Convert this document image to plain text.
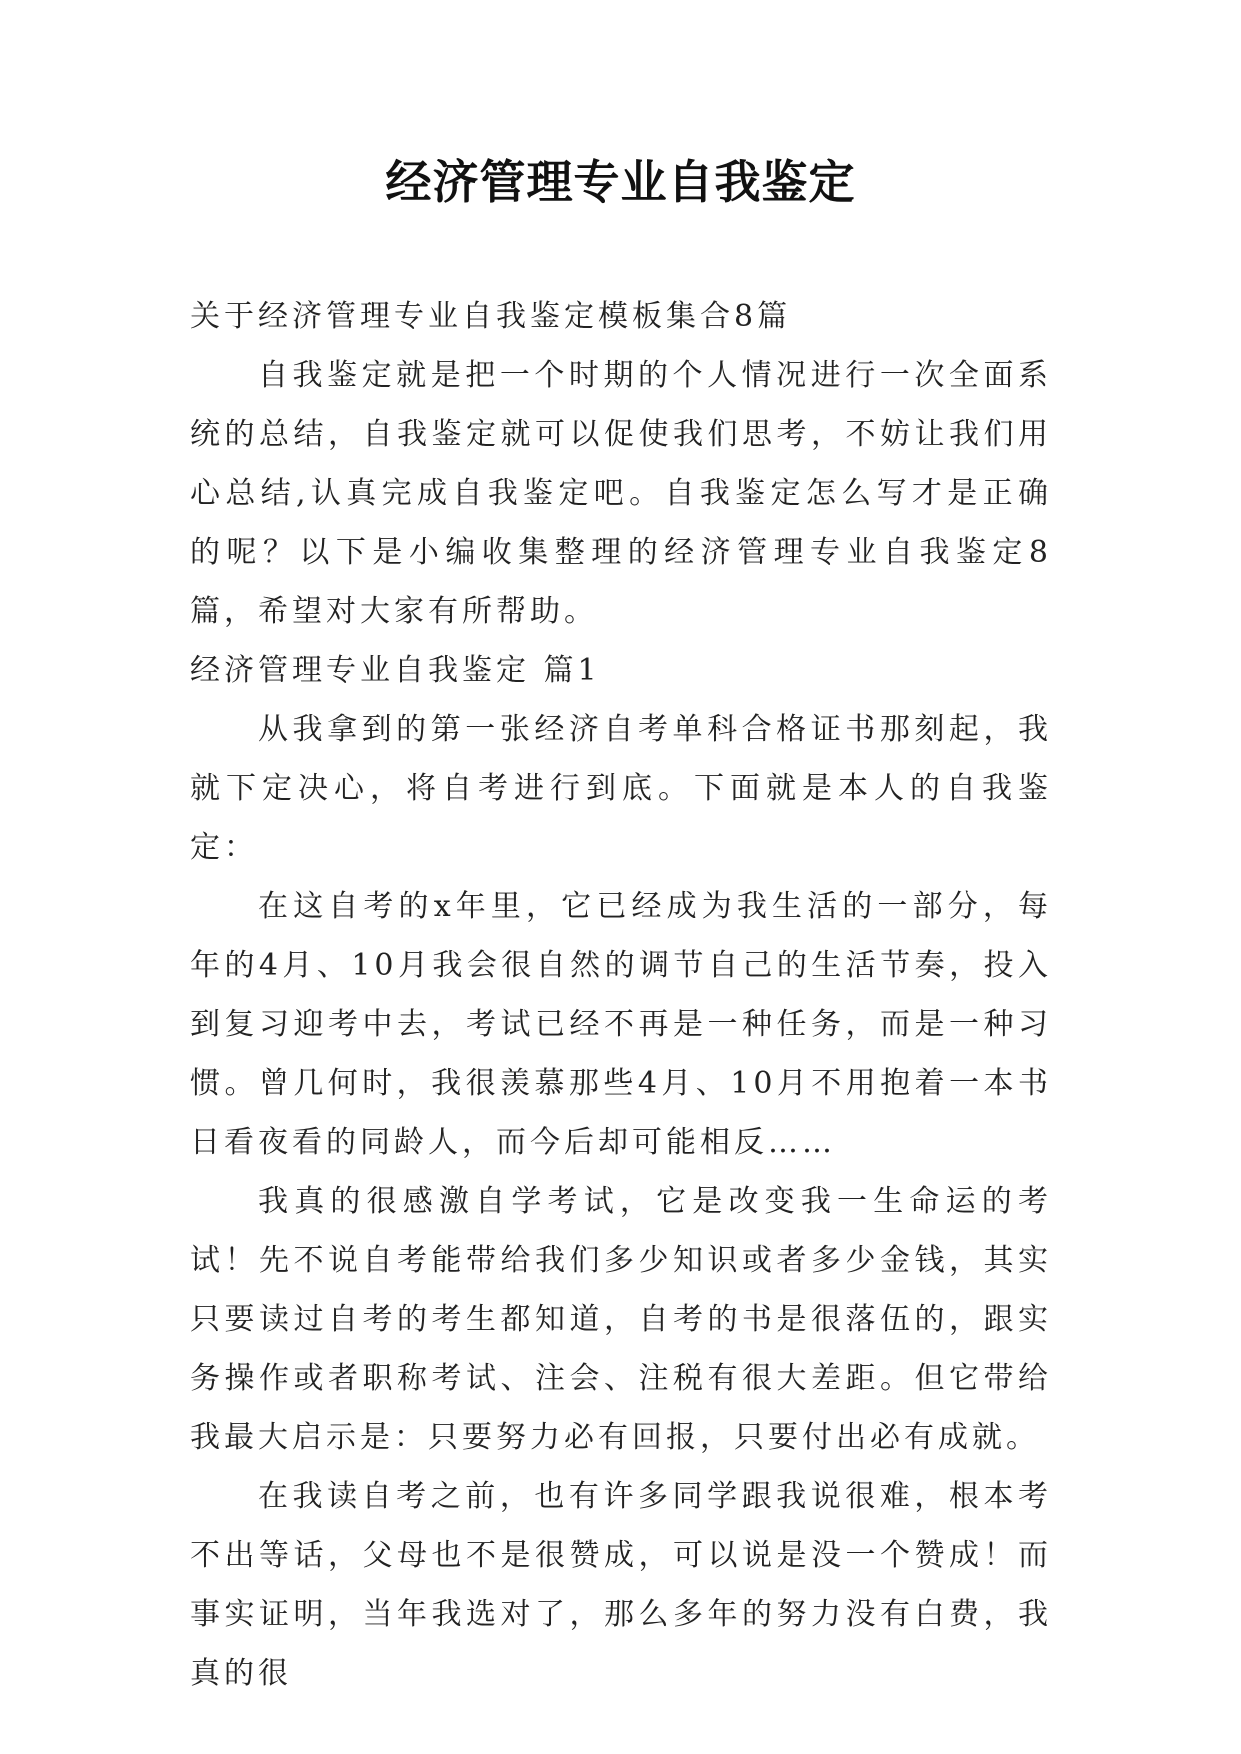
经济管理专业自我鉴定

关于经济管理专业自我鉴定模板集合8篇

自我鉴定就是把一个时期的个人情况进行一次全面系统的总结，自我鉴定就可以促使我们思考，不妨让我们用心总结,认真完成自我鉴定吧。自我鉴定怎么写才是正确的呢？以下是小编收集整理的经济管理专业自我鉴定8篇，希望对大家有所帮助。

经济管理专业自我鉴定 篇1

从我拿到的第一张经济自考单科合格证书那刻起，我就下定决心，将自考进行到底。下面就是本人的自我鉴定：

在这自考的x年里，它已经成为我生活的一部分，每年的4月、10月我会很自然的调节自己的生活节奏，投入到复习迎考中去，考试已经不再是一种任务，而是一种习惯。曾几何时，我很羡慕那些4月、10月不用抱着一本书日看夜看的同龄人，而今后却可能相反……

我真的很感激自学考试，它是改变我一生命运的考试！先不说自考能带给我们多少知识或者多少金钱，其实只要读过自考的考生都知道，自考的书是很落伍的，跟实务操作或者职称考试、注会、注税有很大差距。但它带给我最大启示是：只要努力必有回报，只要付出必有成就。

在我读自考之前，也有许多同学跟我说很难，根本考不出等话，父母也不是很赞成，可以说是没一个赞成！而事实证明，当年我选对了，那么多年的努力没有白费，我真的很
